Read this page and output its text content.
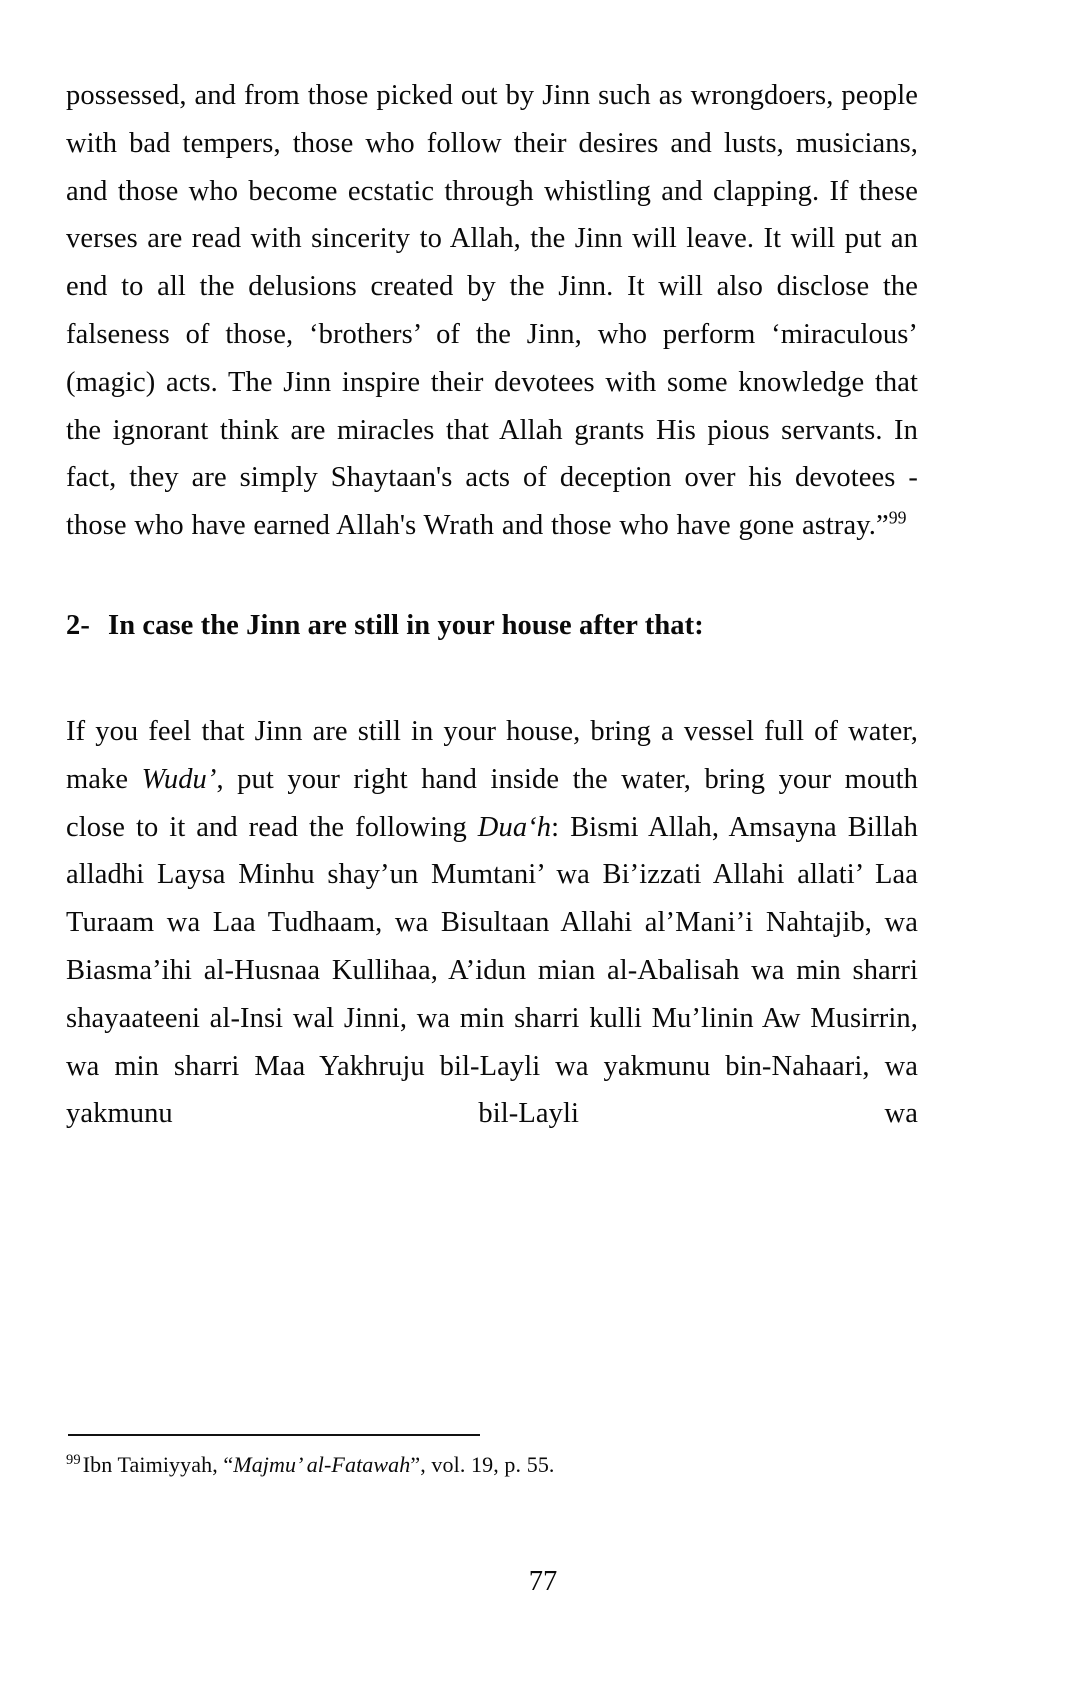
possessed, and from those picked out by Jinn such as wrongdoers, people with bad tempers, those who follow their desires and lusts, musicians, and those who become ecstatic through whistling and clapping. If these verses are read with sincerity to Allah, the Jinn will leave. It will put an end to all the delusions created by the Jinn. It will also disclose the falseness of those, ‘brothers’ of the Jinn, who perform ‘miraculous’ (magic) acts. The Jinn inspire their devotees with some knowledge that the ignorant think are miracles that Allah grants His pious servants. In fact, they are simply Shaytaan's acts of deception over his devotees - those who have earned Allah's Wrath and those who have gone astray.”$^{99}$

2- In case the Jinn are still in your house after that:

If you feel that Jinn are still in your house, bring a vessel full of water, make Wudu’, put your right hand inside the water, bring your mouth close to it and read the following Dua‘h: Bismi Allah, Amsayna Billah alladhi Laysa Minhu shay’un Mumtani’ wa Bi’izzati Allahi allati’ Laa Turaam wa Laa Tudhaam, wa Bisultaan Allahi al’Mani’i Nahtajib, wa Biasma’ihi al-Husnaa Kullihaa, A’idun mian al-Abalisah wa min sharri shayaateeni al-Insi wal Jinni, wa min sharri kulli Mu’linin Aw Musirrin, wa min sharri Maa Yakhruju bil-Layli wa yakmunu bin-Nahaari, wa yakmunu bil-Layli wa

$^{99}$Ibn Taimiyyah, “Majmu’ al-Fatawah”, vol. 19, p. 55.

77
